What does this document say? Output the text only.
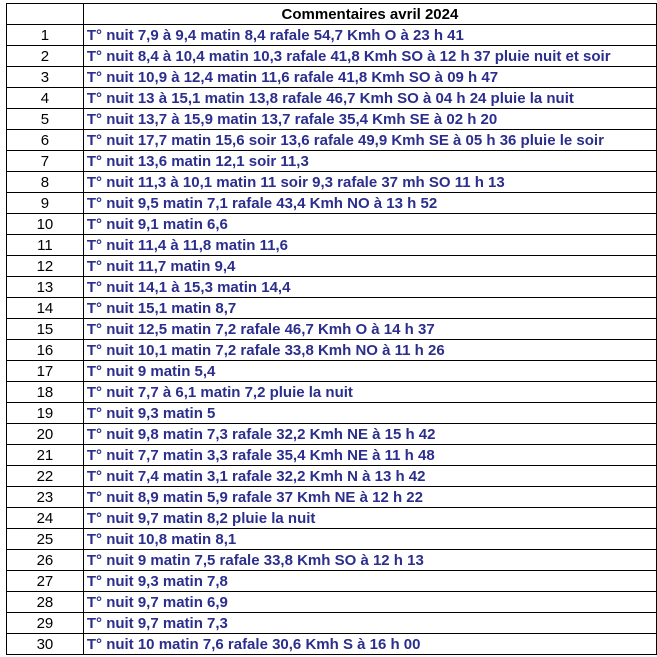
	Commentaires avril 2024
1	T° nuit 7,9 à 9,4 matin 8,4 rafale 54,7 Kmh O à 23 h 41
2	T° nuit 8,4 à 10,4 matin 10,3 rafale 41,8 Kmh SO à 12 h 37 pluie nuit et soir
3	T° nuit 10,9 à 12,4 matin 11,6 rafale 41,8 Kmh SO à 09 h 47
4	T° nuit 13 à 15,1 matin 13,8 rafale 46,7 Kmh SO à 04 h 24 pluie la nuit
5	T° nuit 13,7 à 15,9 matin 13,7 rafale 35,4 Kmh SE à 02 h 20
6	T° nuit 17,7 matin 15,6 soir 13,6 rafale 49,9 Kmh SE à 05 h 36 pluie le soir
7	T° nuit 13,6 matin 12,1 soir 11,3
8	T° nuit 11,3 à 10,1 matin 11 soir 9,3 rafale 37 mh SO 11 h 13
9	T° nuit 9,5 matin 7,1 rafale 43,4 Kmh NO à 13 h 52
10	T° nuit 9,1 matin 6,6
11	T° nuit 11,4 à 11,8 matin 11,6
12	T° nuit 11,7 matin 9,4
13	T° nuit 14,1 à 15,3 matin 14,4
14	T° nuit 15,1 matin 8,7
15	T° nuit 12,5 matin 7,2 rafale 46,7 Kmh O à 14 h 37
16	T° nuit 10,1 matin 7,2 rafale 33,8 Kmh NO à 11 h 26
17	T° nuit 9 matin 5,4
18	T° nuit 7,7 à 6,1 matin 7,2 pluie la nuit
19	T° nuit 9,3 matin 5
20	T° nuit 9,8 matin 7,3 rafale 32,2 Kmh NE à 15 h 42
21	T° nuit 7,7 matin 3,3 rafale 35,4 Kmh NE à 11 h 48
22	T° nuit 7,4 matin 3,1 rafale 32,2 Kmh N à 13 h 42
23	T° nuit 8,9 matin 5,9 rafale 37 Kmh NE à 12 h 22
24	T° nuit 9,7 matin 8,2 pluie la nuit
25	T° nuit 10,8 matin 8,1
26	T° nuit 9 matin 7,5 rafale 33,8 Kmh SO à 12 h 13
27	T° nuit 9,3 matin 7,8
28	T° nuit 9,7 matin 6,9
29	T° nuit 9,7 matin 7,3
30	T° nuit 10 matin 7,6 rafale 30,6 Kmh S à 16 h 00
